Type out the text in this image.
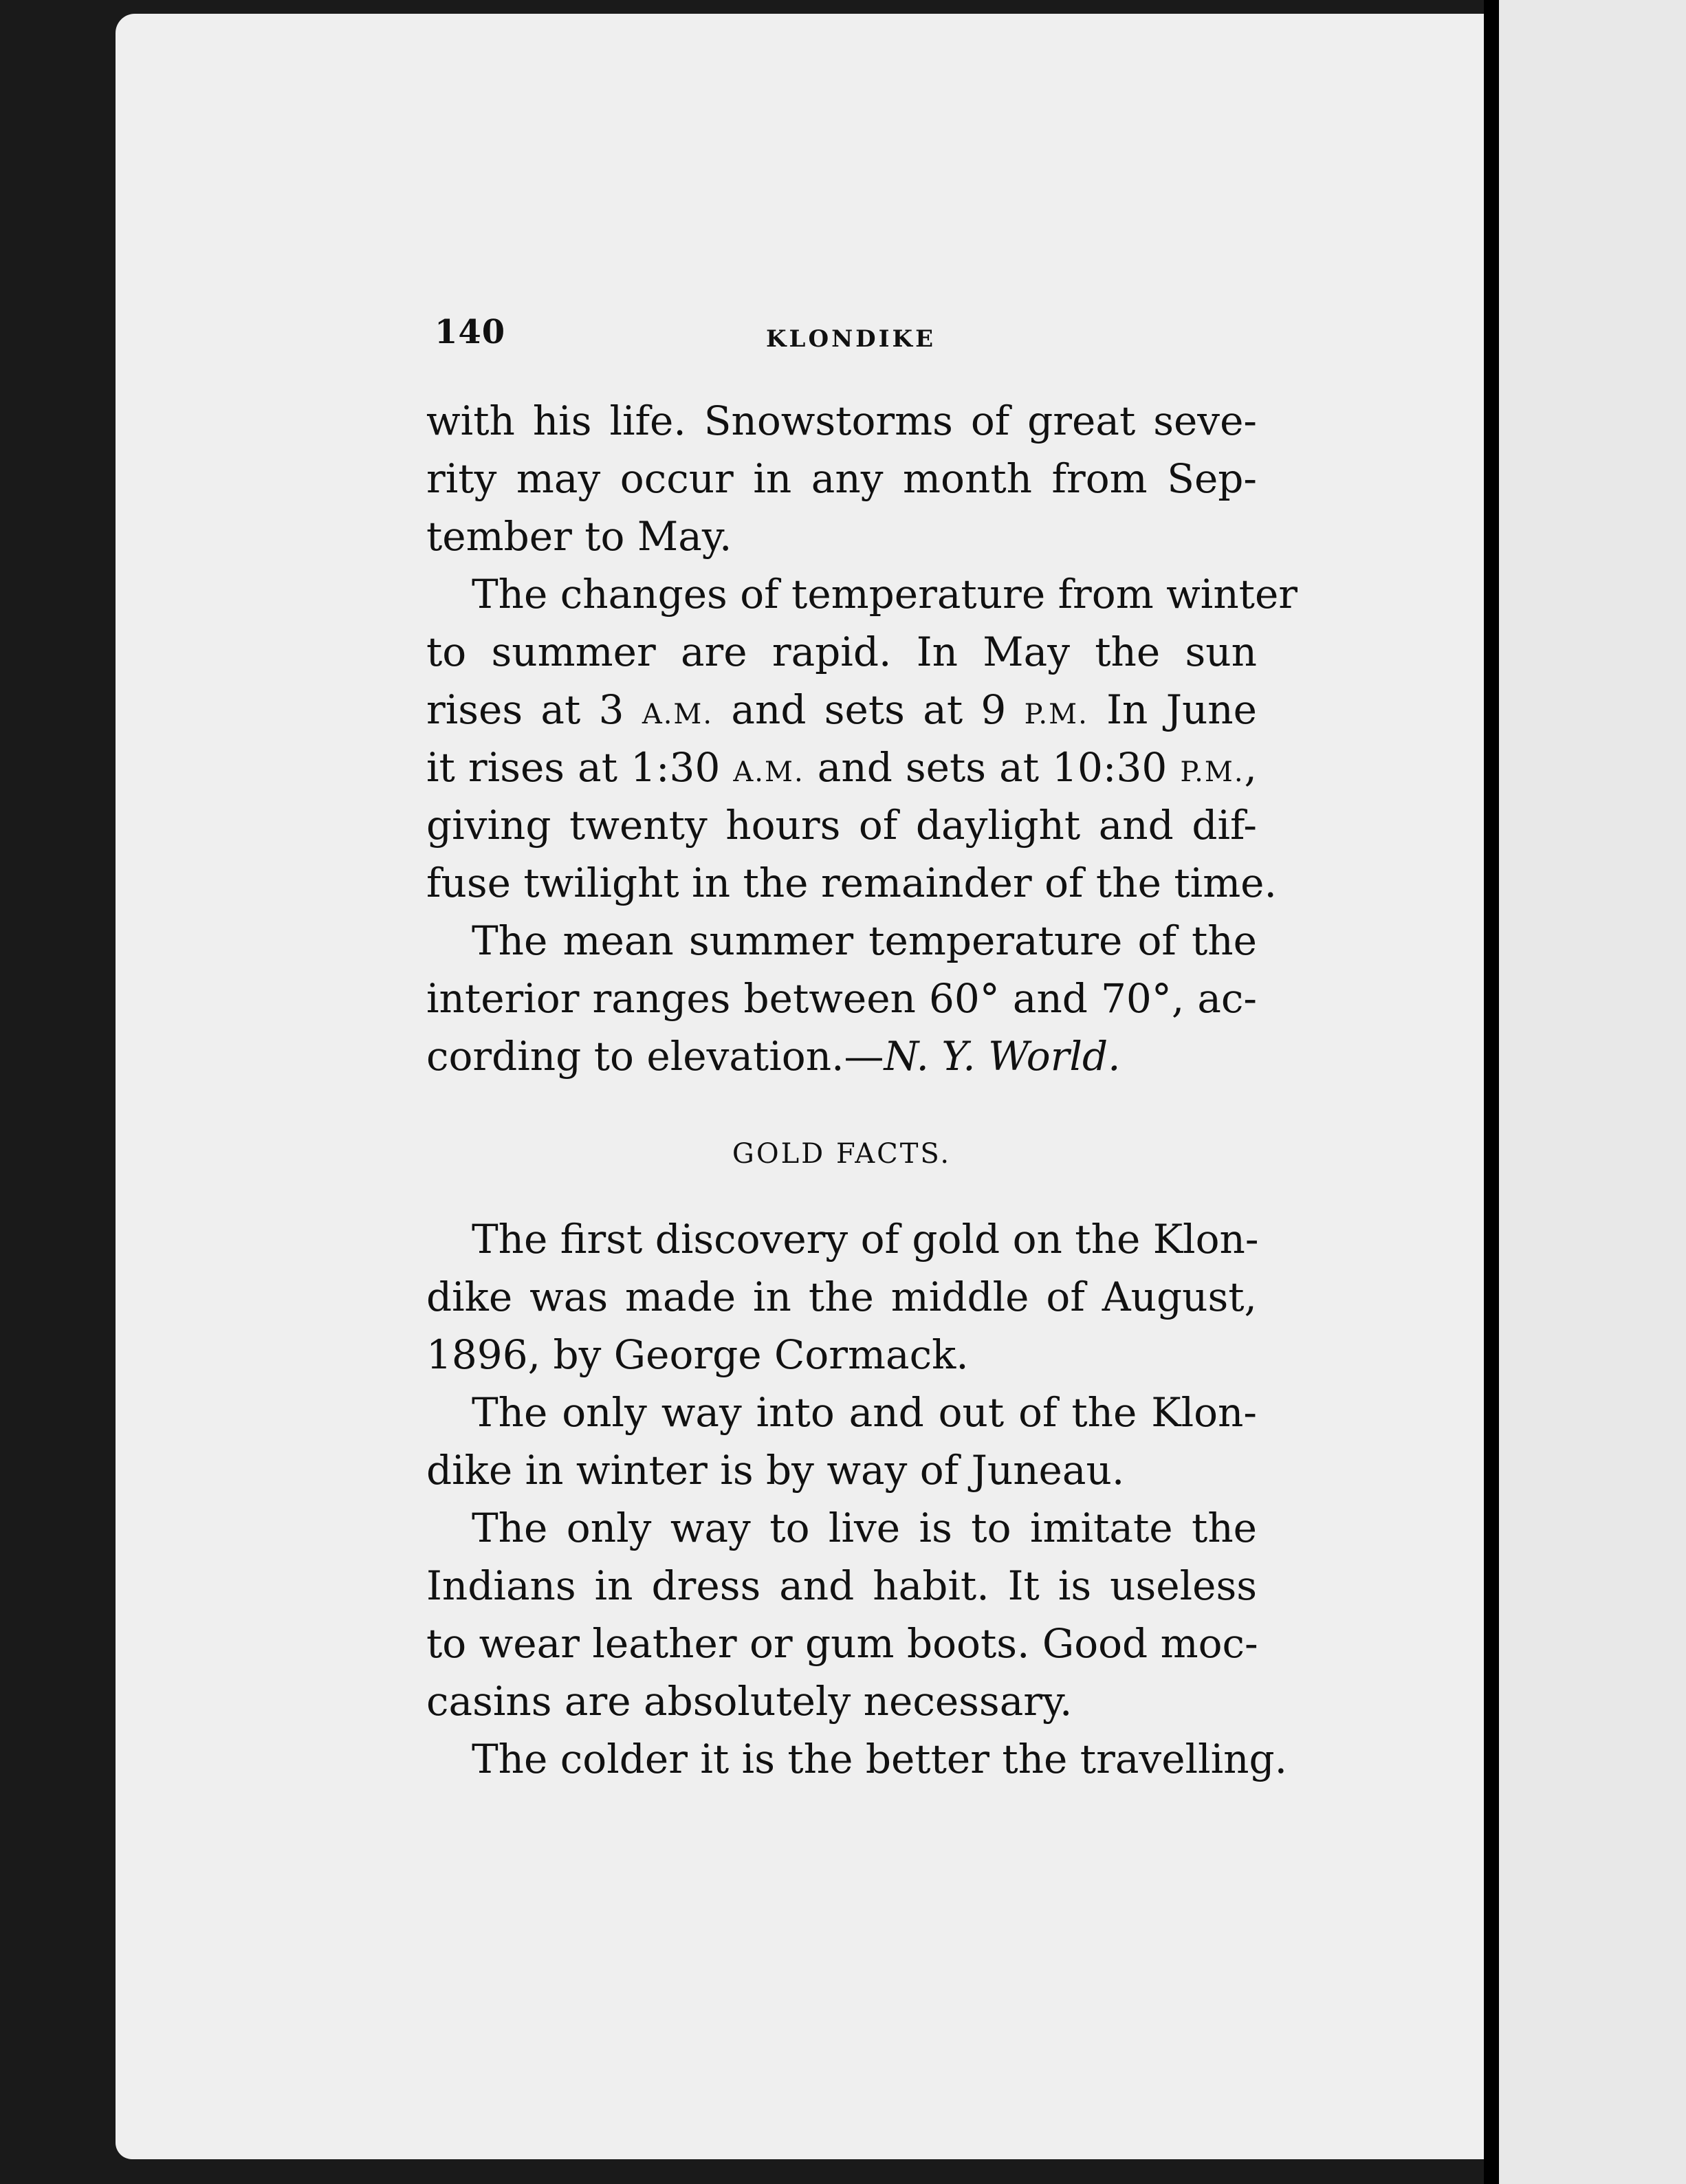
140	KLONDIKE
with his life. Snowstorms of great seve-
rity may occur in any month from Sep-
tember to May.
The changes of temperature from winter
to summer are rapid. In May the sun
rises at 3 A.M. and sets at 9 P.M. In June
it rises at 1:30 A.M. and sets at 10:30 P.M.,
giving twenty hours of daylight and dif-
fuse twilight in the remainder of the time.
The mean summer temperature of the
interior ranges between 60° and 70°, ac-
cording to elevation.—N. Y. World.
GOLD FACTS.
The first discovery of gold on the Klon-
dike was made in the middle of August,
1896, by George Cormack.
The only way into and out of the Klon-
dike in winter is by way of Juneau.
The only way to live is to imitate the
Indians in dress and habit. It is useless
to wear leather or gum boots. Good moc-
casins are absolutely necessary.
The colder it is the better the travelling.
